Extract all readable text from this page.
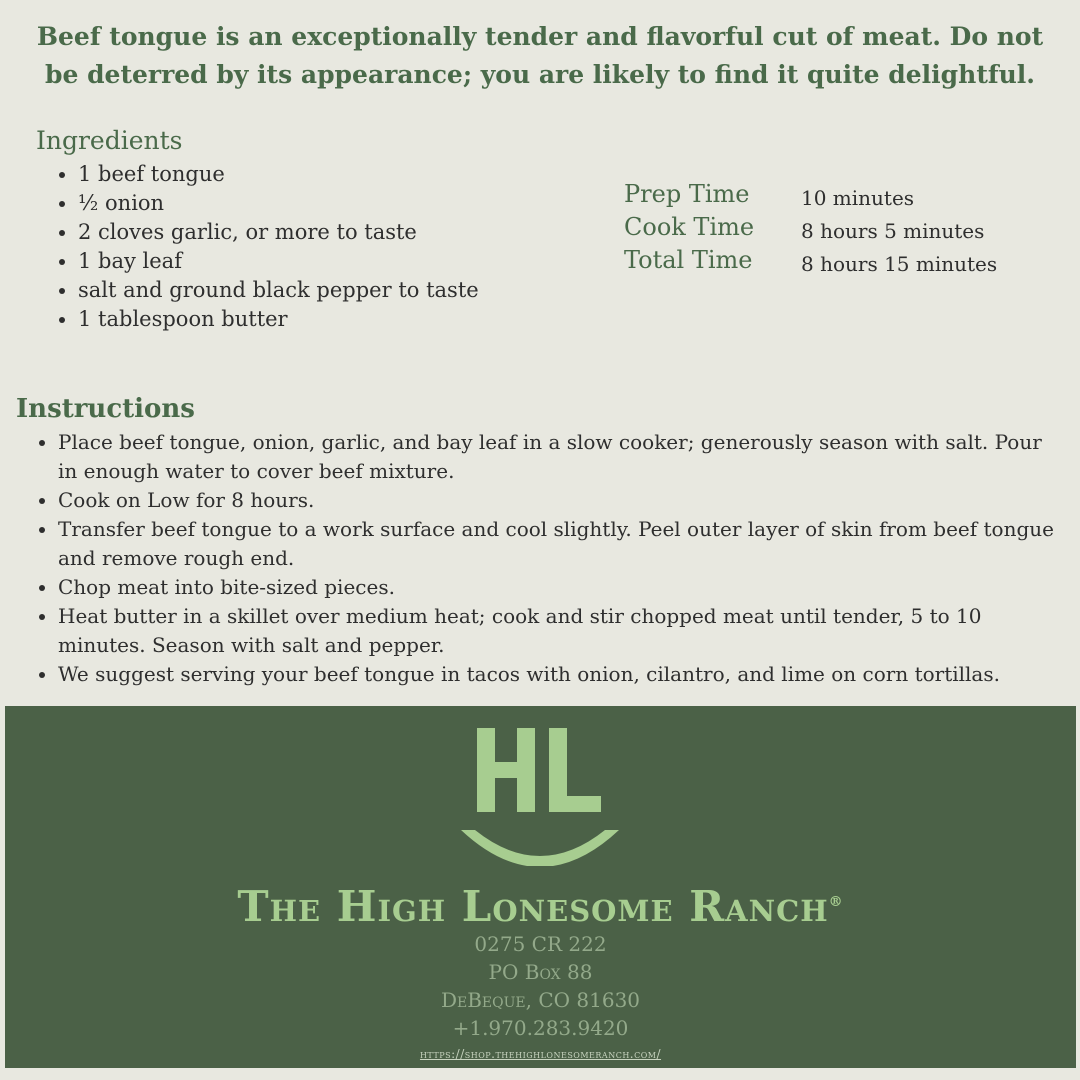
Beef tongue is an exceptionally tender and flavorful cut of meat. Do not be deterred by its appearance; you are likely to find it quite delightful.
Ingredients
• 1 beef tongue
• ½ onion
• 2 cloves garlic, or more to taste
• 1 bay leaf
• salt and ground black pepper to taste
• 1 tablespoon butter
Prep Time	10 minutes
Cook Time 8 hours 5 minutes
Total Time 8 hours 15 minutes
Instructions
• Place beef tongue, onion, garlic, and bay leaf in a slow cooker; generously season with salt. Pour in enough water to cover beef mixture.
• Cook on Low for 8 hours.
• Transfer beef tongue to a work surface and cool slightly. Peel outer layer of skin from beef tongue and remove rough end.
• Chop meat into bite-sized pieces.
• Heat butter in a skillet over medium heat; cook and stir chopped meat until tender, 5 to 10 minutes. Season with salt and pepper.
• We suggest serving your beef tongue in tacos with onion, cilantro, and lime on corn tortillas.
The High Lonesome Ranch®
0275 CR 222
PO Box 88
DeBeque, CO 81630
+1.970.283.9420
https://shop.thehighlonesomeranch.com/
